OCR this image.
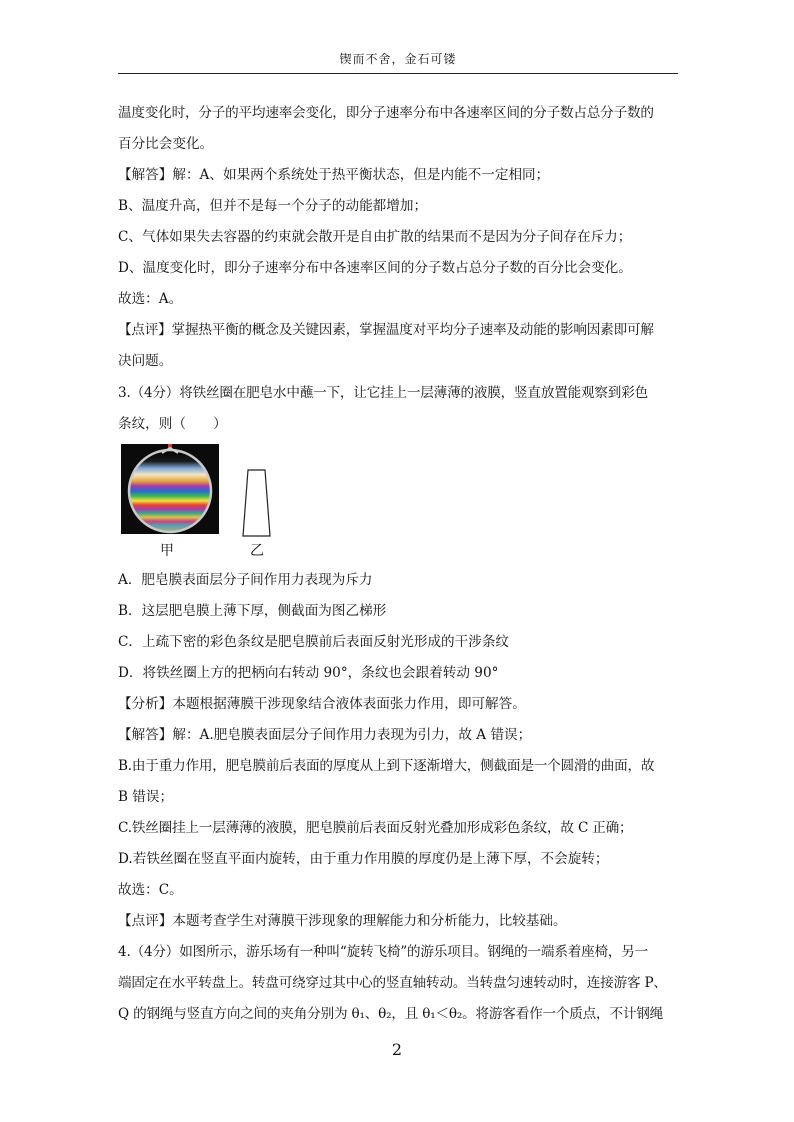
锲而不舍，金石可镂
温度变化时，分子的平均速率会变化，即分子速率分布中各速率区间的分子数占总分子数的
百分比会变化。
【解答】解：A、如果两个系统处于热平衡状态，但是内能不一定相同；
B、温度升高，但并不是每一个分子的动能都增加；
C、气体如果失去容器的约束就会散开是自由扩散的结果而不是因为分子间存在斥力；
D、温度变化时，即分子速率分布中各速率区间的分子数占总分子数的百分比会变化。
故选：A。
【点评】掌握热平衡的概念及关键因素，掌握温度对平均分子速率及动能的影响因素即可解
决问题。
3.（4分）将铁丝圈在肥皂水中蘸一下，让它挂上一层薄薄的液膜，竖直放置能观察到彩色
条纹，则（　　）
甲	乙
A．肥皂膜表面层分子间作用力表现为斥力
B．这层肥皂膜上薄下厚，侧截面为图乙梯形
C．上疏下密的彩色条纹是肥皂膜前后表面反射光形成的干涉条纹
D．将铁丝圈上方的把柄向右转动 90°，条纹也会跟着转动 90°
【分析】本题根据薄膜干涉现象结合液体表面张力作用，即可解答。
【解答】解：A.肥皂膜表面层分子间作用力表现为引力，故 A 错误；
B.由于重力作用，肥皂膜前后表面的厚度从上到下逐渐增大，侧截面是一个圆滑的曲面，故
B 错误；
C.铁丝圈挂上一层薄薄的液膜，肥皂膜前后表面反射光叠加形成彩色条纹，故 C 正确；
D.若铁丝圈在竖直平面内旋转，由于重力作用膜的厚度仍是上薄下厚，不会旋转；
故选：C。
【点评】本题考查学生对薄膜干涉现象的理解能力和分析能力，比较基础。
4.（4分）如图所示，游乐场有一种叫“旋转飞椅”的游乐项目。钢绳的一端系着座椅，另一
端固定在水平转盘上。转盘可绕穿过其中心的竖直轴转动。当转盘匀速转动时，连接游客 P、
Q 的钢绳与竖直方向之间的夹角分别为 θ₁、θ₂，且 θ₁＜θ₂。将游客看作一个质点，不计钢绳
2
